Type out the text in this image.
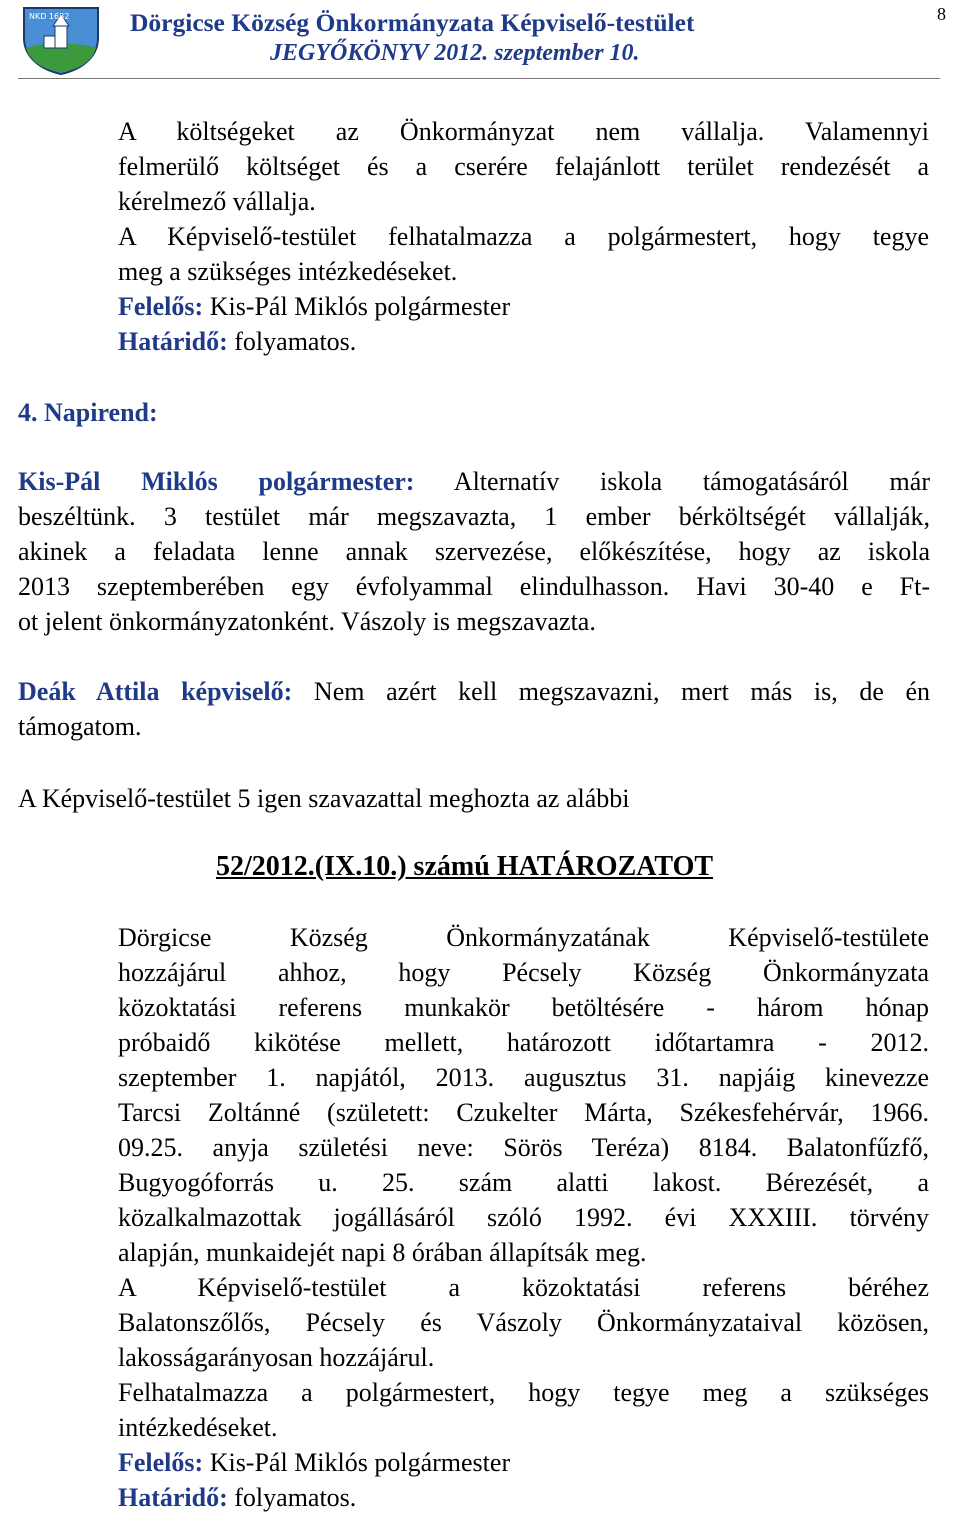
NKD 1682 Dörgicse Község Önkormányzata Képviselő-testület
JEGYŐKÖNYV 2012. szeptember 10.
8
A költségeket az Önkormányzat nem vállalja. Valamennyi
felmerülő költséget és a cserére felajánlott terület rendezését a
kérelmező vállalja.
A Képviselő-testület felhatalmazza a polgármestert, hogy tegye
meg a szükséges intézkedéseket.
Felelős: Kis-Pál Miklós polgármester
Határidő: folyamatos.
4. Napirend:
Kis-Pál Miklós polgármester: Alternatív iskola támogatásáról már
beszéltünk. 3 testület már megszavazta, 1 ember bérköltségét vállalják,
akinek a feladata lenne annak szervezése, előkészítése, hogy az iskola
2013 szeptemberében egy évfolyammal elindulhasson. Havi 30-40 e Ft-
ot jelent önkormányzatonként. Vászoly is megszavazta.
Deák Attila képviselő: Nem azért kell megszavazni, mert más is, de én
támogatom.
A Képviselő-testület 5 igen szavazattal meghozta az alábbi
52/2012.(IX.10.) számú HATÁROZATOT
Dörgicse Község Önkormányzatának Képviselő-testülete
hozzájárul ahhoz, hogy Pécsely Község Önkormányzata
közoktatási referens munkakör betöltésére - három hónap
próbaidő kikötése mellett, határozott időtartamra - 2012.
szeptember 1. napjától, 2013. augusztus 31. napjáig kinevezze
Tarcsi Zoltánné (született: Czukelter Márta, Székesfehérvár, 1966.
09.25. anyja születési neve: Sörös Teréza) 8184. Balatonfűzfő,
Bugyogóforrás u. 25. szám alatti lakost. Bérezését, a
közalkalmazottak jogállásáról szóló 1992. évi XXXIII. törvény
alapján, munkaidejét napi 8 órában állapítsák meg.
A Képviselő-testület a közoktatási referens béréhez
Balatonszőlős, Pécsely és Vászoly Önkormányzataival közösen,
lakosságarányosan hozzájárul.
Felhatalmazza a polgármestert, hogy tegye meg a szükséges
intézkedéseket.
Felelős: Kis-Pál Miklós polgármester
Határidő: folyamatos.
